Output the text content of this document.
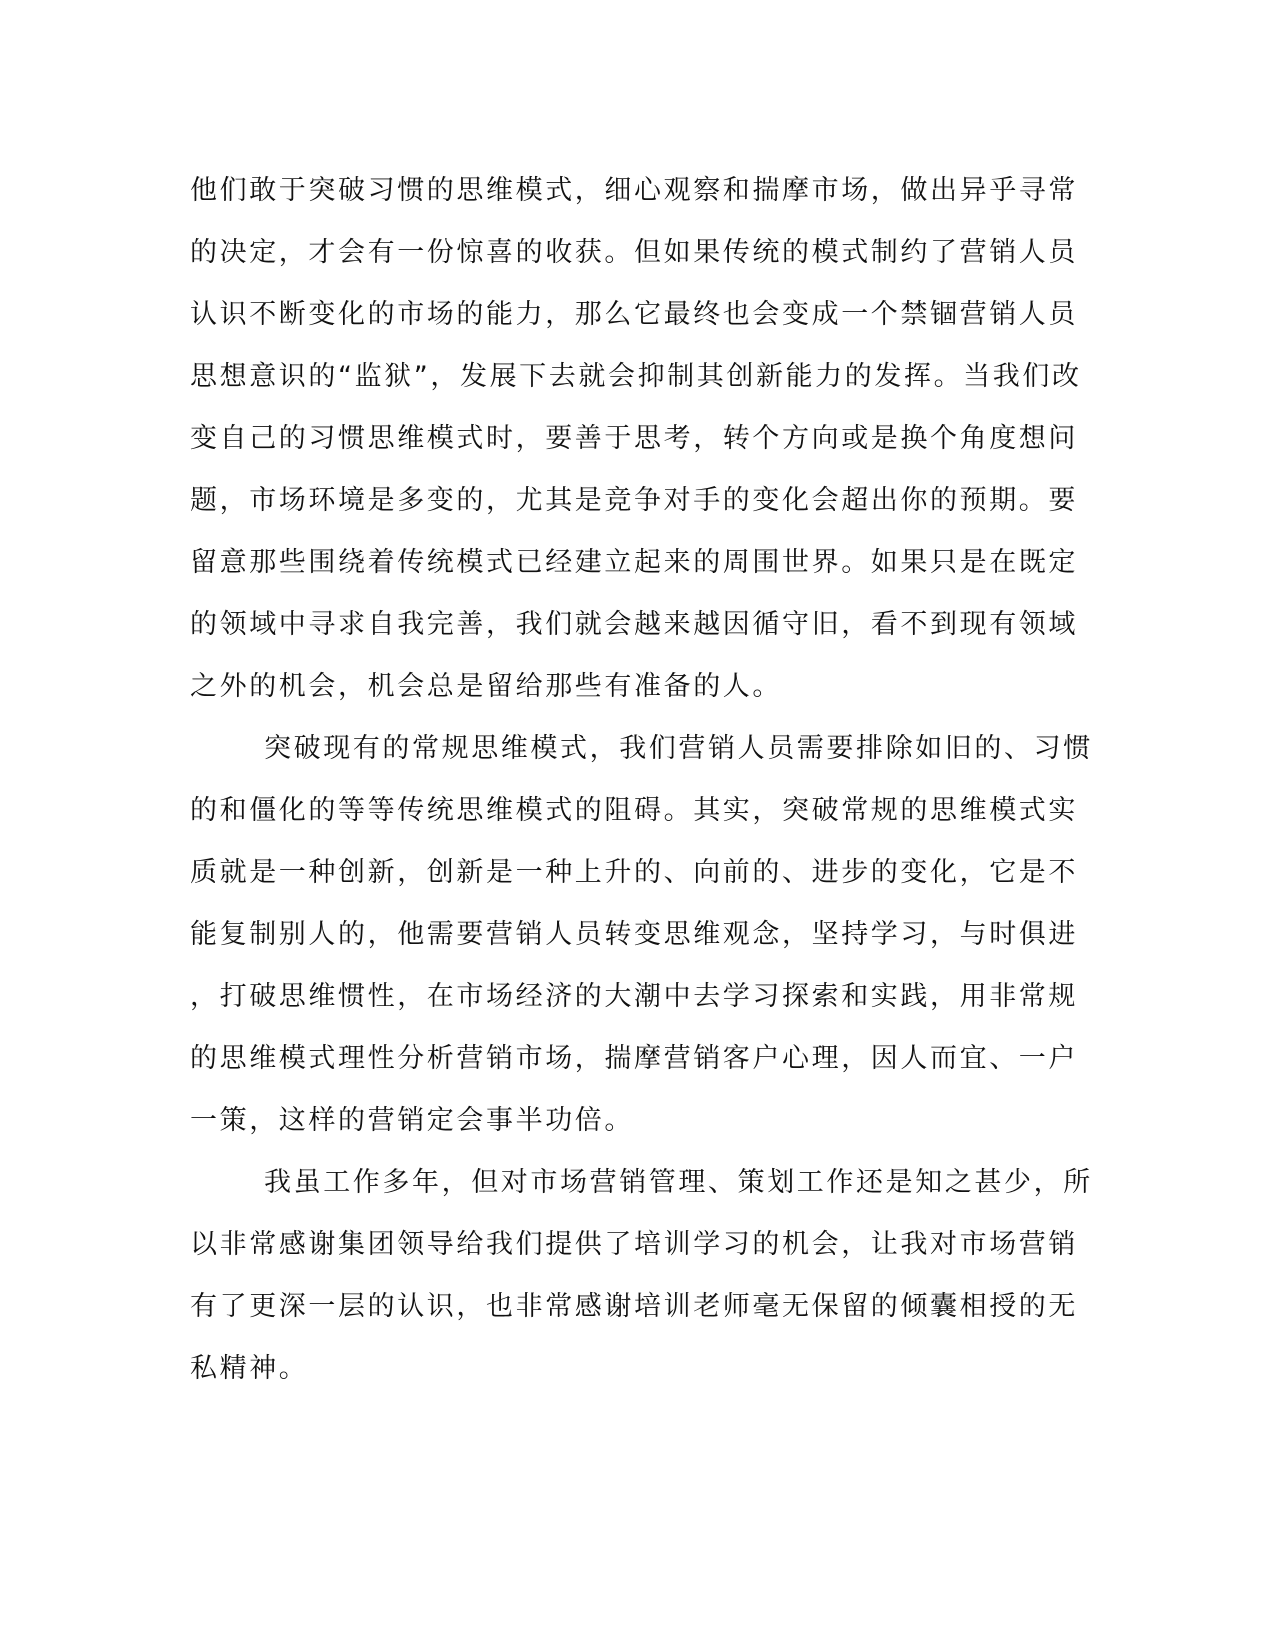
他们敢于突破习惯的思维模式，细心观察和揣摩市场，做出异乎寻常
的决定，才会有一份惊喜的收获。但如果传统的模式制约了营销人员
认识不断变化的市场的能力，那么它最终也会变成一个禁锢营销人员
思想意识的“监狱”，发展下去就会抑制其创新能力的发挥。当我们改
变自己的习惯思维模式时，要善于思考，转个方向或是换个角度想问
题，市场环境是多变的，尤其是竞争对手的变化会超出你的预期。要
留意那些围绕着传统模式已经建立起来的周围世界。如果只是在既定
的领域中寻求自我完善，我们就会越来越因循守旧，看不到现有领域
之外的机会，机会总是留给那些有准备的人。
突破现有的常规思维模式，我们营销人员需要排除如旧的、习惯
的和僵化的等等传统思维模式的阻碍。其实，突破常规的思维模式实
质就是一种创新，创新是一种上升的、向前的、进步的变化，它是不
能复制别人的，他需要营销人员转变思维观念，坚持学习，与时俱进
，打破思维惯性，在市场经济的大潮中去学习探索和实践，用非常规
的思维模式理性分析营销市场，揣摩营销客户心理，因人而宜、一户
一策，这样的营销定会事半功倍。
我虽工作多年，但对市场营销管理、策划工作还是知之甚少，所
以非常感谢集团领导给我们提供了培训学习的机会，让我对市场营销
有了更深一层的认识，也非常感谢培训老师毫无保留的倾囊相授的无
私精神。
